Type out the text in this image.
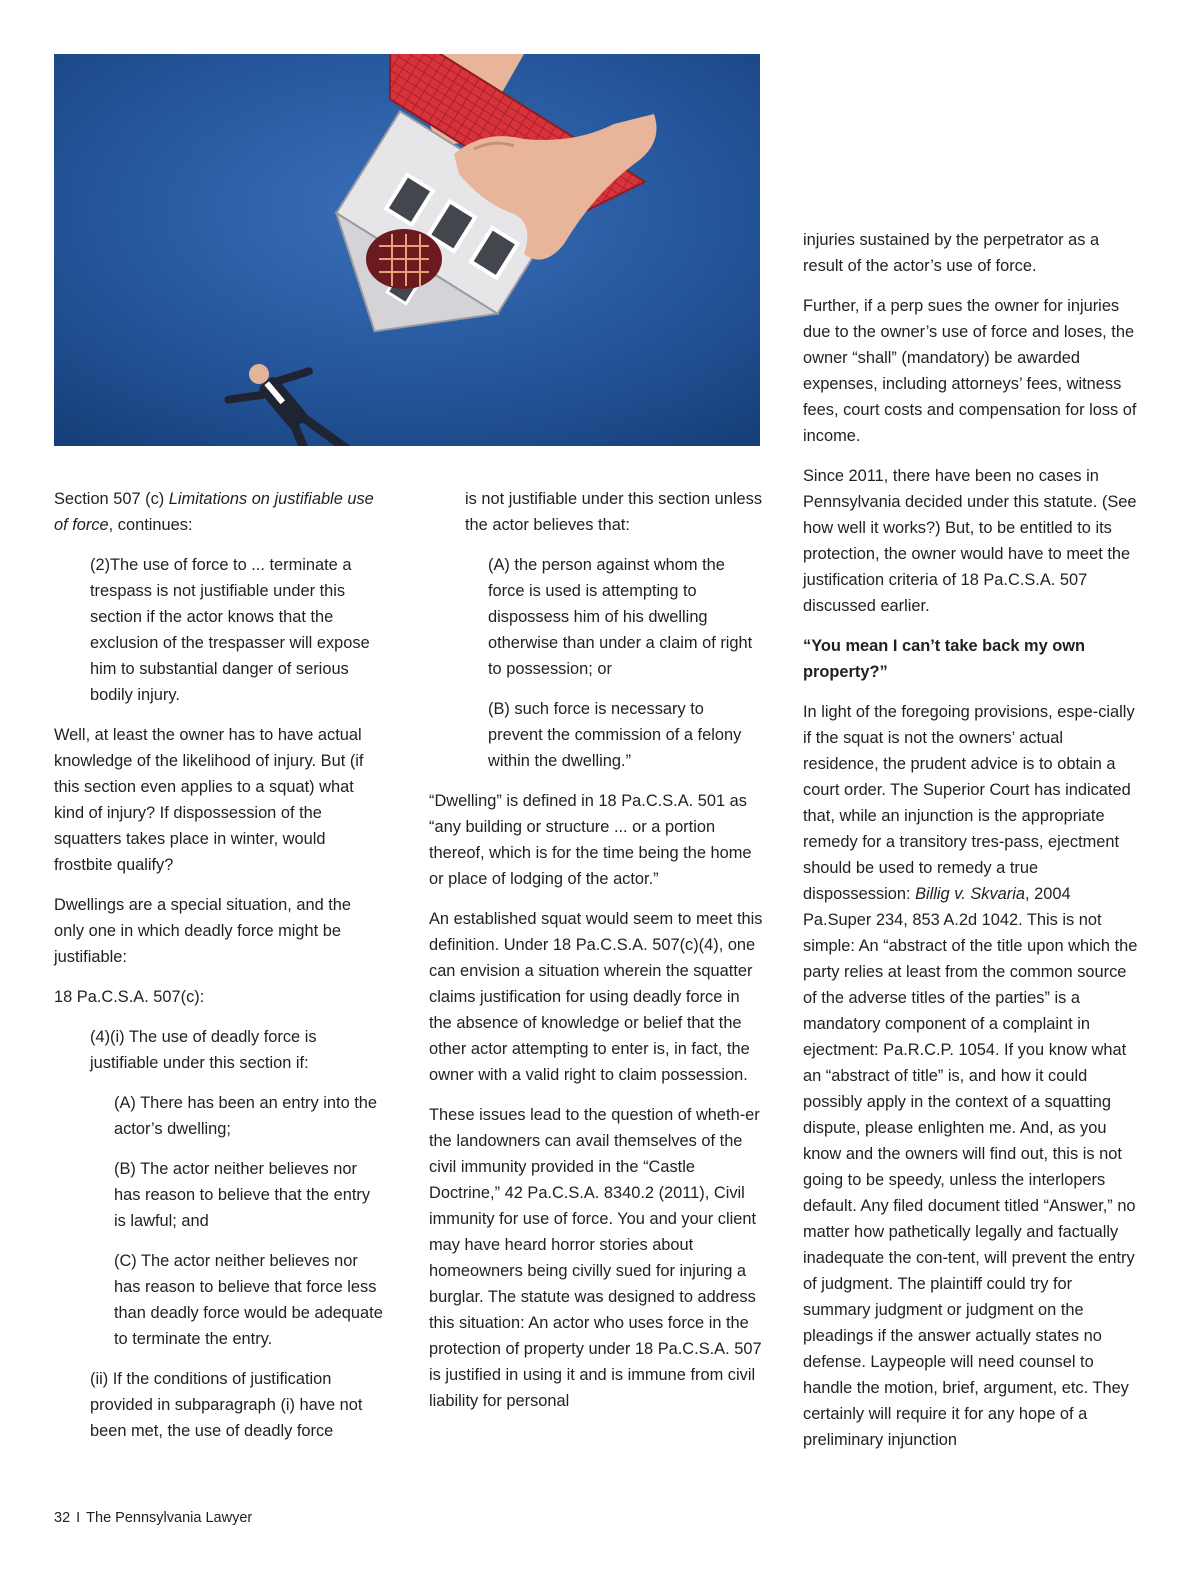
Section 507 (c) Limitations on justifiable use of force, continues:

(2)The use of force to ... terminate a trespass is not justifiable under this section if the actor knows that the exclusion of the trespasser will expose him to substantial danger of serious bodily injury.

Well, at least the owner has to have actual knowledge of the likelihood of injury. But (if this section even applies to a squat) what kind of injury? If dispossession of the squatters takes place in winter, would frostbite qualify?

Dwellings are a special situation, and the only one in which deadly force might be justifiable:

18 Pa.C.S.A. 507(c):

(4)(i) The use of deadly force is justifiable under this section if:

(A) There has been an entry into the actor’s dwelling;

(B) The actor neither believes nor has reason to believe that the entry is lawful; and

(C) The actor neither believes nor has reason to believe that force less than deadly force would be adequate to terminate the entry.

(ii) If the conditions of justification provided in subparagraph (i) have not been met, the use of deadly force

is not justifiable under this section unless the actor believes that:

(A) the person against whom the force is used is attempting to dispossess him of his dwelling otherwise than under a claim of right to possession; or

(B) such force is necessary to prevent the commission of a felony within the dwelling.”

“Dwelling” is defined in 18 Pa.C.S.A. 501 as “any building or structure ... or a portion thereof, which is for the time being the home or place of lodging of the actor.”

An established squat would seem to meet this definition. Under 18 Pa.C.S.A. 507(c)(4), one can envision a situation wherein the squatter claims justification for using deadly force in the absence of knowledge or belief that the other actor attempting to enter is, in fact, the owner with a valid right to claim possession.

These issues lead to the question of wheth-er the landowners can avail themselves of the civil immunity provided in the “Castle Doctrine,” 42 Pa.C.S.A. 8340.2 (2011), Civil immunity for use of force. You and your client may have heard horror stories about homeowners being civilly sued for injuring a burglar. The statute was designed to address this situation: An actor who uses force in the protection of property under 18 Pa.C.S.A. 507 is justified in using it and is immune from civil liability for personal

injuries sustained by the perpetrator as a result of the actor’s use of force.

Further, if a perp sues the owner for injuries due to the owner’s use of force and loses, the owner “shall” (mandatory) be awarded expenses, including attorneys’ fees, witness fees, court costs and compensation for loss of income.

Since 2011, there have been no cases in Pennsylvania decided under this statute. (See how well it works?) But, to be entitled to its protection, the owner would have to meet the justification criteria of 18 Pa.C.S.A. 507 discussed earlier.

“You mean I can’t take back my own property?”

In light of the foregoing provisions, espe-cially if the squat is not the owners’ actual residence, the prudent advice is to obtain a court order. The Superior Court has indicated that, while an injunction is the appropriate remedy for a transitory tres-pass, ejectment should be used to remedy a true dispossession: Billig v. Skvaria, 2004 Pa.Super 234, 853 A.2d 1042. This is not simple: An “abstract of the title upon which the party relies at least from the common source of the adverse titles of the parties” is a mandatory component of a complaint in ejectment: Pa.R.C.P. 1054. If you know what an “abstract of title” is, and how it could possibly apply in the context of a squatting dispute, please enlighten me. And, as you know and the owners will find out, this is not going to be speedy, unless the interlopers default. Any filed document titled “Answer,” no matter how pathetically legally and factually inadequate the con-tent, will prevent the entry of judgment. The plaintiff could try for summary judgment or judgment on the pleadings if the answer actually states no defense. Laypeople will need counsel to handle the motion, brief, argument, etc. They certainly will require it for any hope of a preliminary injunction

32 I The Pennsylvania Lawyer
